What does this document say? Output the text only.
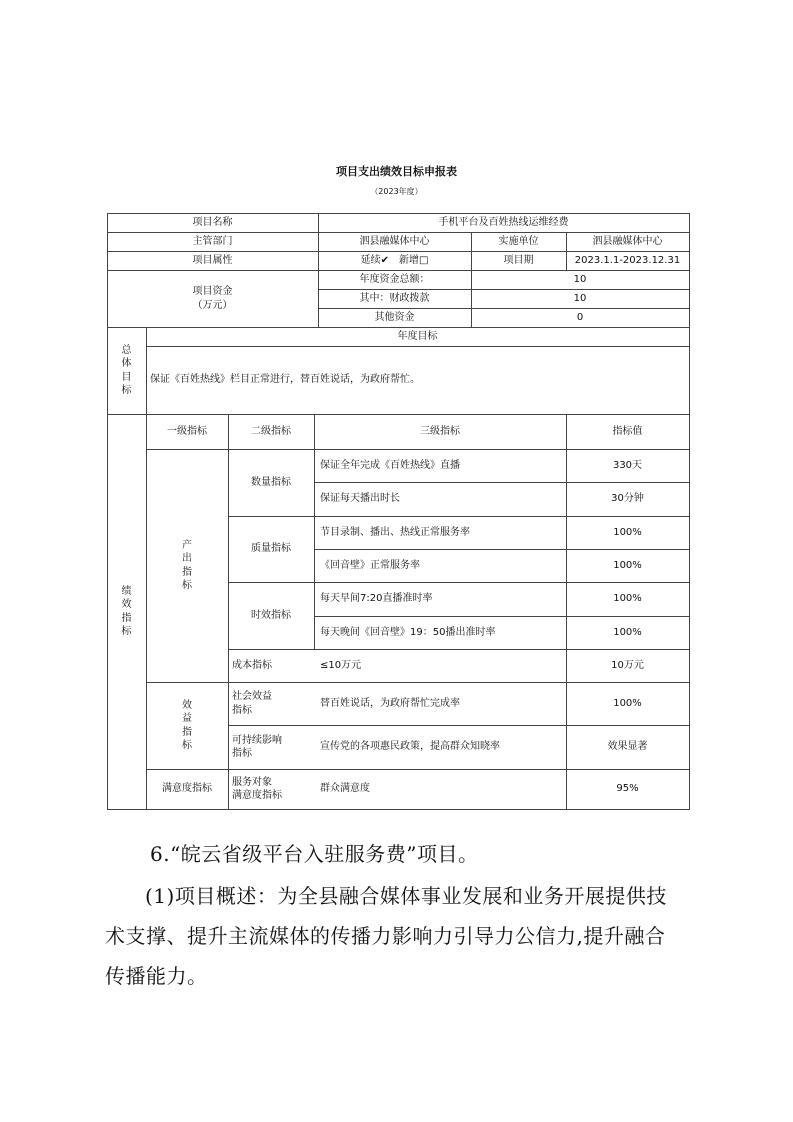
项目支出绩效目标申报表
（2023年度）
项目名称	手机平台及百姓热线运维经费
主管部门	泗县融媒体中心	实施单位	泗县融媒体中心
项目属性	延续✔　新增□	项目期	2023.1.1-2023.12.31
项目资金
（万元）
年度资金总额：	10
其中：财政拨款	10
其他资金	0
总
体
目
标
年度目标
保证《百姓热线》栏目正常进行，替百姓说话，为政府帮忙。
绩
效
指
标
一级指标	二级指标	三级指标	指标值
产
出
指
标
数量指标
保证全年完成《百姓热线》直播	330天
保证每天播出时长	30分钟
质量指标
节目录制、播出、热线正常服务率	100%
《回音壁》正常服务率	100%
时效指标
每天早间7:20直播准时率	100%
每天晚间《回音壁》19：50播出准时率	100%
成本指标	≤10万元	10万元
效
益
指
标
社会效益
指标
替百姓说话，为政府帮忙完成率	100%
可持续影响
指标
宣传党的各项惠民政策，提高群众知晓率	效果显著
满意度指标
服务对象
满意度指标
群众满意度	95%
6.“皖云省级平台入驻服务费”项目。
(1)项目概述：为全县融合媒体事业发展和业务开展提供技
术支撑、提升主流媒体的传播力影响力引导力公信力,提升融合
传播能力。
